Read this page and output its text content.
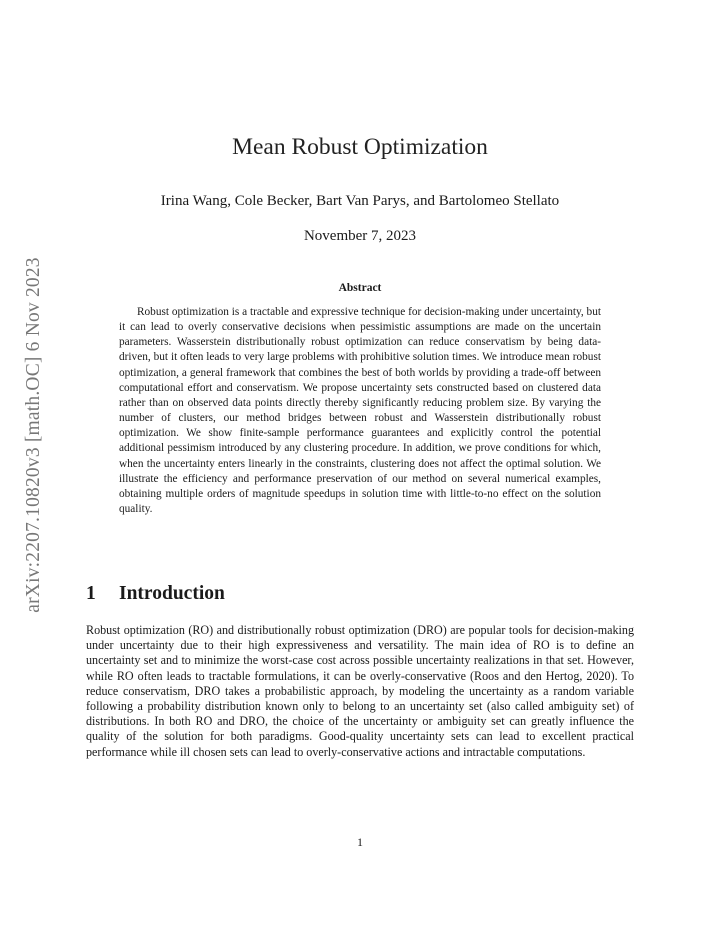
arXiv:2207.10820v3 [math.OC] 6 Nov 2023
Mean Robust Optimization
Irina Wang, Cole Becker, Bart Van Parys, and Bartolomeo Stellato
November 7, 2023
Abstract

Robust optimization is a tractable and expressive technique for decision-making under uncertainty, but it can lead to overly conservative decisions when pessimistic assumptions are made on the uncertain parameters. Wasserstein distributionally robust optimization can reduce conservatism by being data-driven, but it often leads to very large problems with prohibitive solution times. We introduce mean robust optimization, a general framework that combines the best of both worlds by providing a trade-off between computational effort and conservatism. We propose uncertainty sets constructed based on clustered data rather than on observed data points directly thereby significantly reducing problem size. By varying the number of clusters, our method bridges between robust and Wasserstein distributionally robust optimization. We show finite-sample performance guarantees and explicitly control the potential additional pessimism introduced by any clustering procedure. In addition, we prove conditions for which, when the uncertainty enters linearly in the constraints, clustering does not affect the optimal solution. We illustrate the efficiency and performance preservation of our method on several numerical examples, obtaining multiple orders of magnitude speedups in solution time with little-to-no effect on the solution quality.

1 Introduction

Robust optimization (RO) and distributionally robust optimization (DRO) are popular tools for decision-making under uncertainty due to their high expressiveness and versatility. The main idea of RO is to define an uncertainty set and to minimize the worst-case cost across possible uncertainty realizations in that set. However, while RO often leads to tractable formulations, it can be overly-conservative (Roos and den Hertog, 2020). To reduce conservatism, DRO takes a probabilistic approach, by modeling the uncertainty as a random variable following a probability distribution known only to belong to an uncertainty set (also called ambiguity set) of distributions. In both RO and DRO, the choice of the uncertainty or ambiguity set can greatly influence the quality of the solution for both paradigms. Good-quality uncertainty sets can lead to excellent practical performance while ill chosen sets can lead to overly-conservative actions and intractable computations.

1
